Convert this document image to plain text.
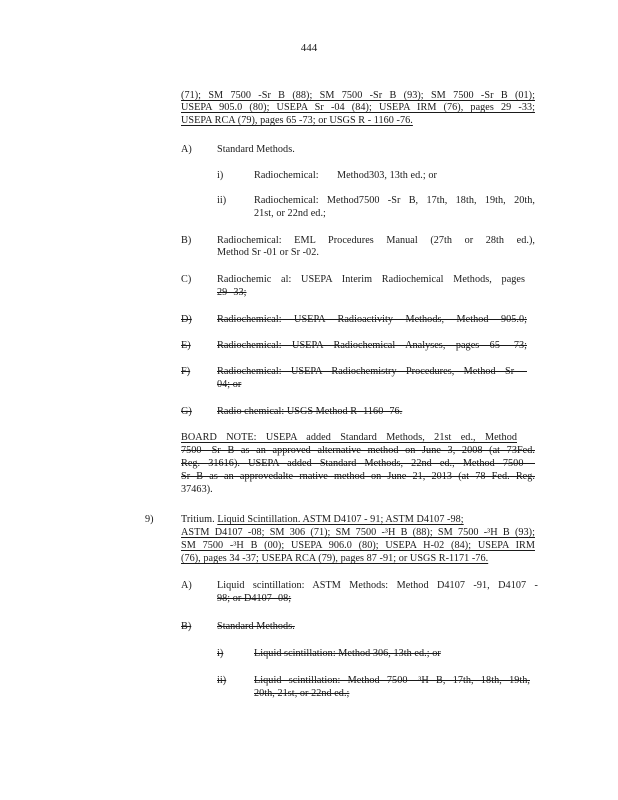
444
(71); SM 7500 -Sr B (88); SM 7500 -Sr B (93); SM 7500 -Sr B (01);
USEPA 905.0 (80); USEPA Sr -04 (84); USEPA IRM (76), pages 29 -33;
USEPA RCA (79), pages 65 -73; or USGS R - 1160 -76.
A) Standard Methods.
i)	Radiochemical: Method303, 13th ed.; or
ii)	Radiochemical: Method7500 -Sr B, 17th, 18th, 19th, 20th,
21st, or 22nd ed.;
B)	Radiochemical: EML Procedures Manual (27th or 28th ed.),
Method Sr -01 or Sr -02.
C)	Radiochemic al: USEPA Interim Radiochemical Methods, pages
29 -33;
D) Radiochemical: USEPA Radioactivity Methods, Method 905.0;
E)	Radiochemical: USEPA Radiochemical Analyses, pages 65 -73;
F)	Radiochemical: USEPA Radiochemistry Procedures, Method Sr -
04; or
G) Radio chemical: USGS Method R -1160 -76.
BOARD NOTE: USEPA added Standard Methods, 21st ed., Method
7500 -Sr B as an approved alternative method on June 3, 2008 (at 73Fed.
Reg. 31616). USEPA added Standard Methods, 22nd ed., Method 7500 -
Sr B as an approvedalte rnative method on June 21, 2013 (at 78 Fed. Reg.
37463).
9)	Tritium. Liquid Scintillation. ASTM D4107 - 91; ASTM D4107 -98;
ASTM D4107 -08; SM 306 (71); SM 7500 -³H B (88); SM 7500 -³H B (93);
SM 7500 -³H B (00); USEPA 906.0 (80); USEPA H-02 (84); USEPA IRM
(76), pages 34 -37; USEPA RCA (79), pages 87 -91; or USGS R-1171 -76.
A) Liquid scintillation: ASTM Methods: Method D4107 -91, D4107 -
98; or D4107 -08;
B)	Standard Methods.
i)	Liquid scintillation: Method 306, 13th ed.; or
ii)	Liquid scintillation: Method 7500 -³H B, 17th, 18th, 19th,
20th, 21st, or 22nd ed.;
